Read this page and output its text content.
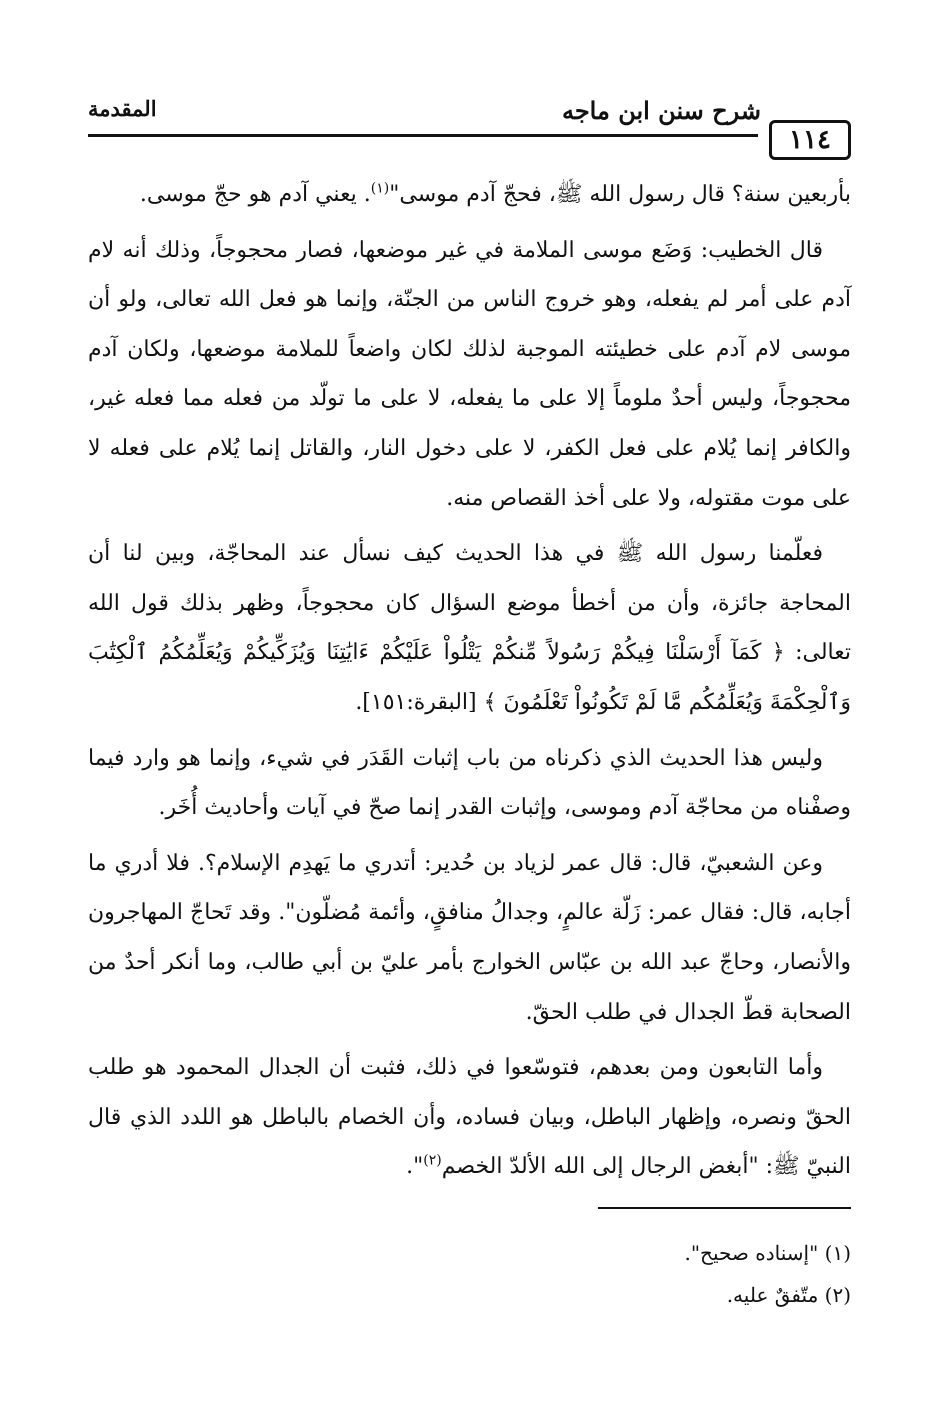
المقدمة	شرح سنن ابن ماجه
١١٤

بأربعين سنة؟ قال رسول الله ﷺ، فحجّ آدم موسى"$^{(١)}$. يعني آدم هو حجّ موسى.

قال الخطيب: وَضَع موسى الملامة في غير موضعها، فصار محجوجاً، وذلك أنه لام آدم على أمر لم يفعله، وهو خروج الناس من الجنّة، وإنما هو فعل الله تعالى، ولو أن موسى لام آدم على خطيئته الموجبة لذلك لكان واضعاً للملامة موضعها، ولكان آدم محجوجاً، وليس أحدٌ ملوماً إلا على ما يفعله، لا على ما تولّد من فعله مما فعله غير، والكافر إنما يُلام على فعل الكفر، لا على دخول النار، والقاتل إنما يُلام على فعله لا على موت مقتوله، ولا على أخذ القصاص منه.

فعلّمنا رسول الله ﷺ في هذا الحديث كيف نسأل عند المحاجّة، وبين لنا أن المحاجة جائزة، وأن من أخطأ موضع السؤال كان محجوجاً، وظهر بذلك قول الله تعالى: ﴿ كَمَآ أَرْسَلْنَا فِيكُمْ رَسُولاً مِّنكُمْ يَتْلُواْ عَلَيْكُمْ ءَايَٰتِنَا وَيُزَكِّيكُمْ وَيُعَلِّمُكُمُ ٱلْكِتَٰبَ وَٱلْحِكْمَةَ وَيُعَلِّمُكُم مَّا لَمْ تَكُونُواْ تَعْلَمُونَ ﴾ [البقرة:١٥١].

وليس هذا الحديث الذي ذكرناه من باب إثبات القَدَر في شيء، وإنما هو وارد فيما وصفْناه من محاجّة آدم وموسى، وإثبات القدر إنما صحّ في آيات وأحاديث أُخَر.

وعن الشعبيّ، قال: قال عمر لزياد بن حُدير: أتدري ما يَهدِم الإسلام؟. فلا أدري ما أجابه، قال: فقال عمر: زَلّة عالمٍ، وجدالُ منافقٍ، وأئمة مُضلّون". وقد تَحاجّ المهاجرون والأنصار، وحاجّ عبد الله بن عبّاس الخوارج بأمر عليّ بن أبي طالب، وما أنكر أحدٌ من الصحابة قطّ الجدال في طلب الحقّ.

وأما التابعون ومن بعدهم، فتوسّعوا في ذلك، فثبت أن الجدال المحمود هو طلب الحقّ ونصره، وإظهار الباطل، وبيان فساده، وأن الخصام بالباطل هو اللدد الذي قال النبيّ ﷺ: "أبغض الرجال إلى الله الألدّ الخصم$^{(٢)}$".

(١) "إسناده صحيح".
(٢) متّفقٌ عليه.
